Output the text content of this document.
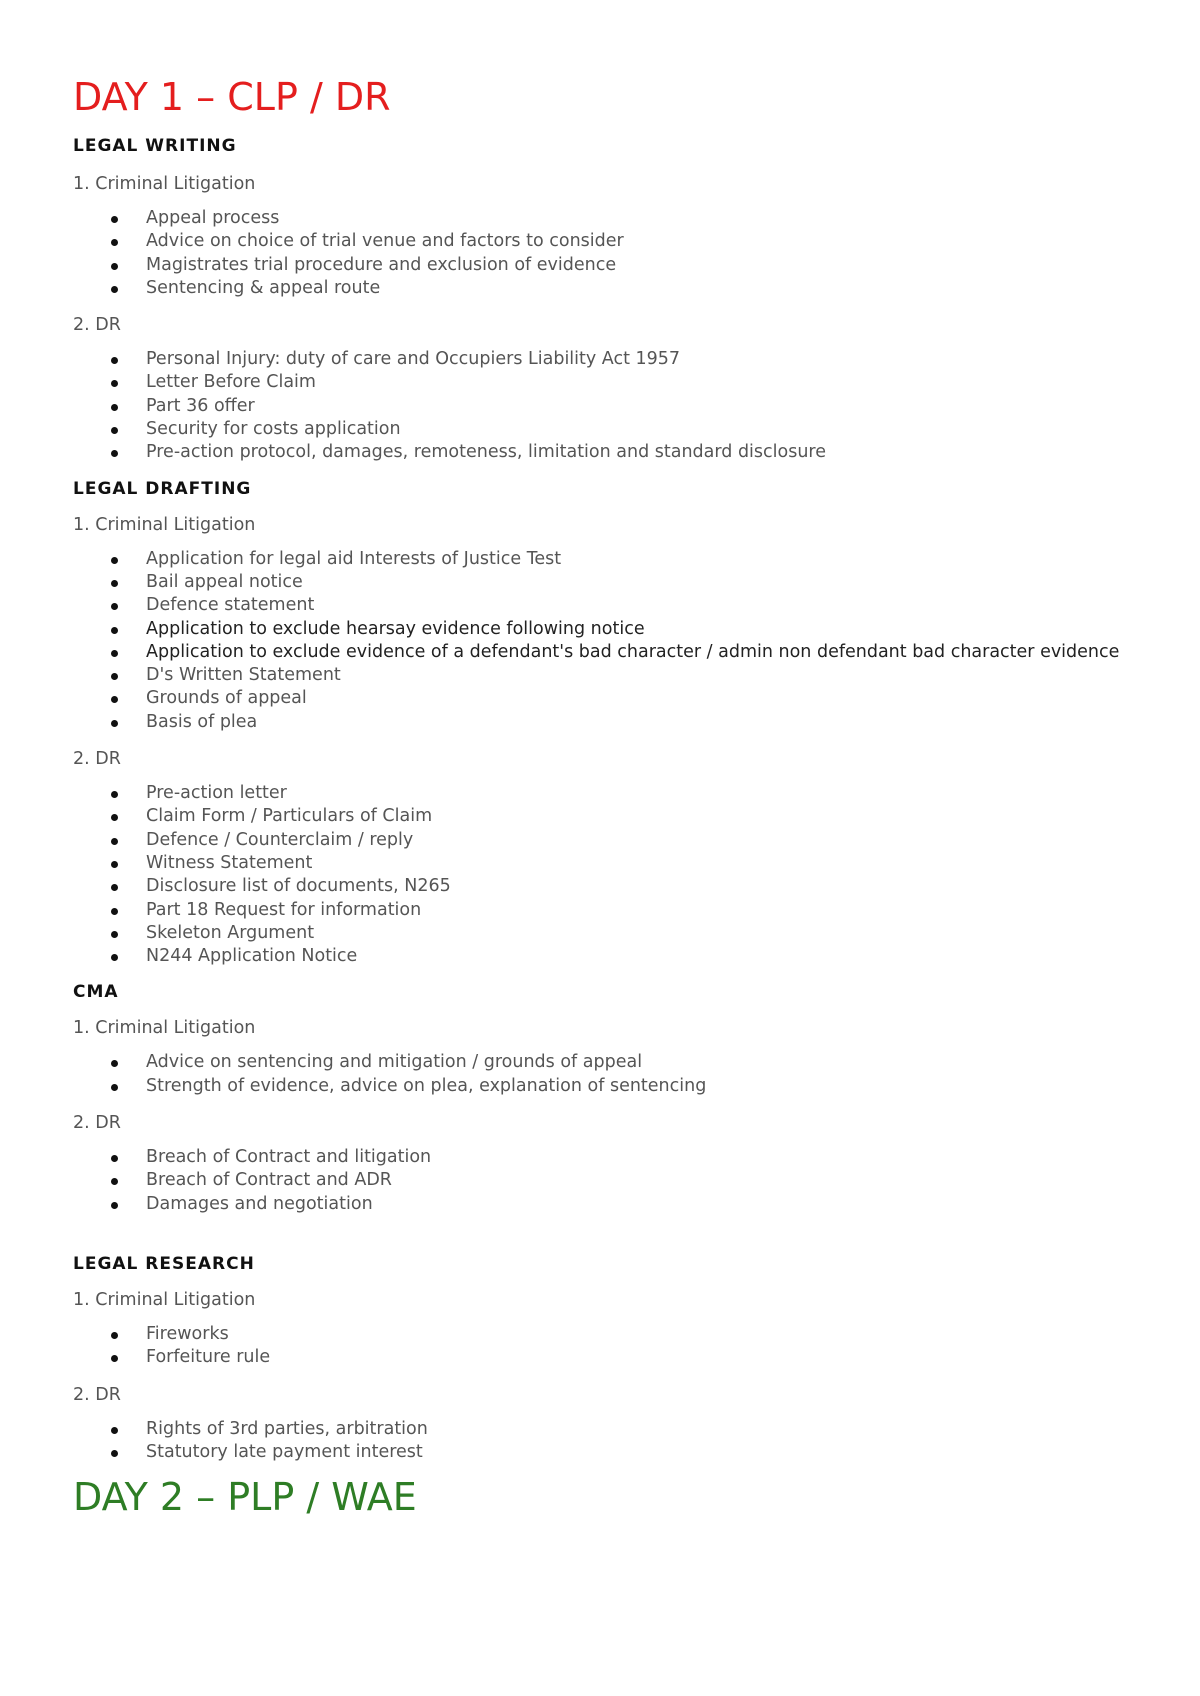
DAY 1 – CLP / DR
LEGAL WRITING
1. Criminal Litigation
Appeal process
Advice on choice of trial venue and factors to consider
Magistrates trial procedure and exclusion of evidence
Sentencing & appeal route
2. DR
Personal Injury: duty of care and Occupiers Liability Act 1957
Letter Before Claim
Part 36 offer
Security for costs application
Pre-action protocol, damages, remoteness, limitation and standard disclosure
LEGAL DRAFTING
1. Criminal Litigation
Application for legal aid Interests of Justice Test
Bail appeal notice
Defence statement
Application to exclude hearsay evidence following notice
Application to exclude evidence of a defendant's bad character / admin non defendant bad character evidence
D's Written Statement
Grounds of appeal
Basis of plea
2. DR
Pre-action letter
Claim Form / Particulars of Claim
Defence / Counterclaim / reply
Witness Statement
Disclosure list of documents, N265
Part 18 Request for information
Skeleton Argument
N244 Application Notice
CMA
1. Criminal Litigation
Advice on sentencing and mitigation / grounds of appeal
Strength of evidence, advice on plea, explanation of sentencing
2. DR
Breach of Contract and litigation
Breach of Contract and ADR
Damages and negotiation
LEGAL RESEARCH
1. Criminal Litigation
Fireworks
Forfeiture rule
2. DR
Rights of 3rd parties, arbitration
Statutory late payment interest
DAY 2 – PLP / WAE
